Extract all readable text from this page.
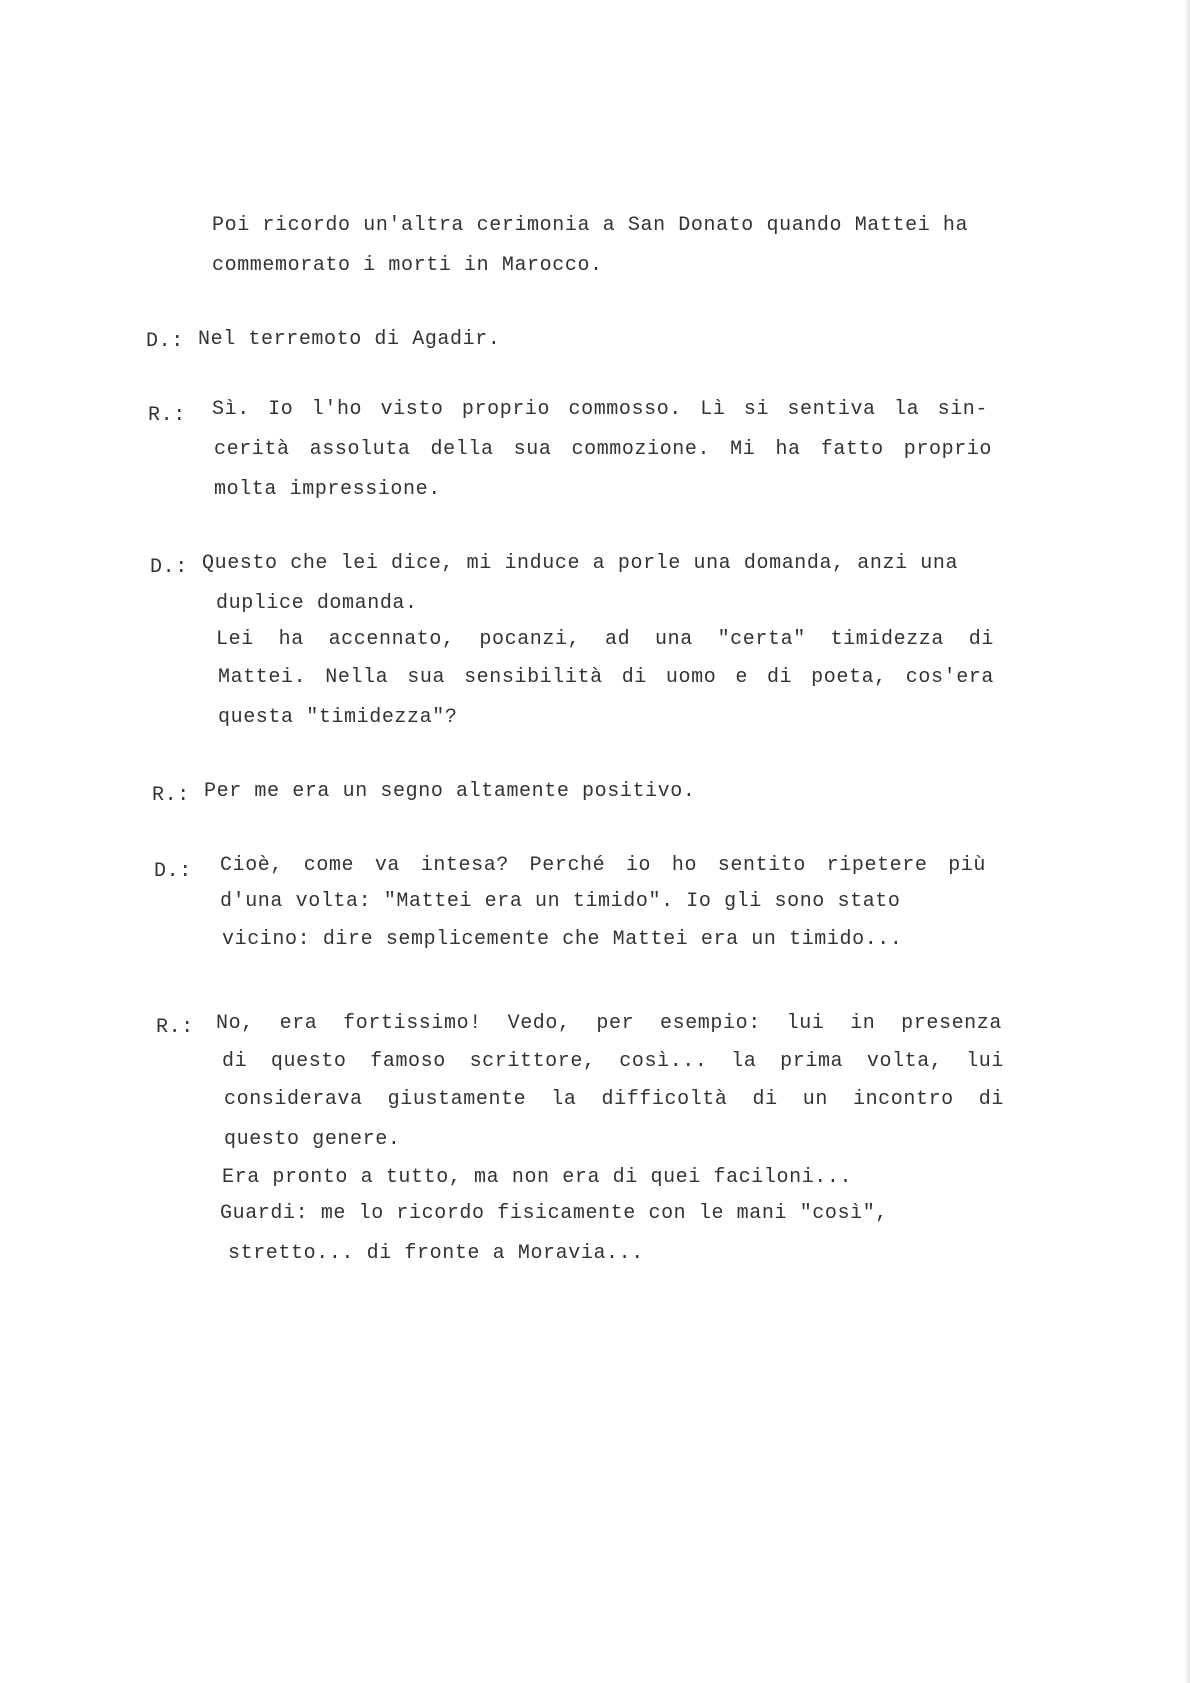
Poi ricordo un'altra cerimonia a San Donato quando Mattei ha
commemorato i morti in Marocco.
D.: Nel terremoto di Agadir.
R.: Sì. Io l'ho visto proprio commosso. Lì si sentiva la sin-
cerità assoluta della sua commozione. Mi ha fatto proprio
molta impressione.
D.: Questo che lei dice, mi induce a porle una domanda, anzi una
duplice domanda.
Lei ha accennato, pocanzi, ad una "certa" timidezza di
Mattei. Nella sua sensibilità di uomo e di poeta, cos'era
questa "timidezza"?
R.: Per me era un segno altamente positivo.
D.: Cioè, come va intesa? Perché io ho sentito ripetere più
d'una volta: "Mattei era un timido". Io gli sono stato
vicino: dire semplicemente che Mattei era un timido...
R.: No, era fortissimo! Vedo, per esempio: lui in presenza
di questo famoso scrittore, così... la prima volta, lui
considerava giustamente la difficoltà di un incontro di
questo genere.
Era pronto a tutto, ma non era di quei faciloni...
Guardi: me lo ricordo fisicamente con le mani "così",
stretto... di fronte a Moravia...
